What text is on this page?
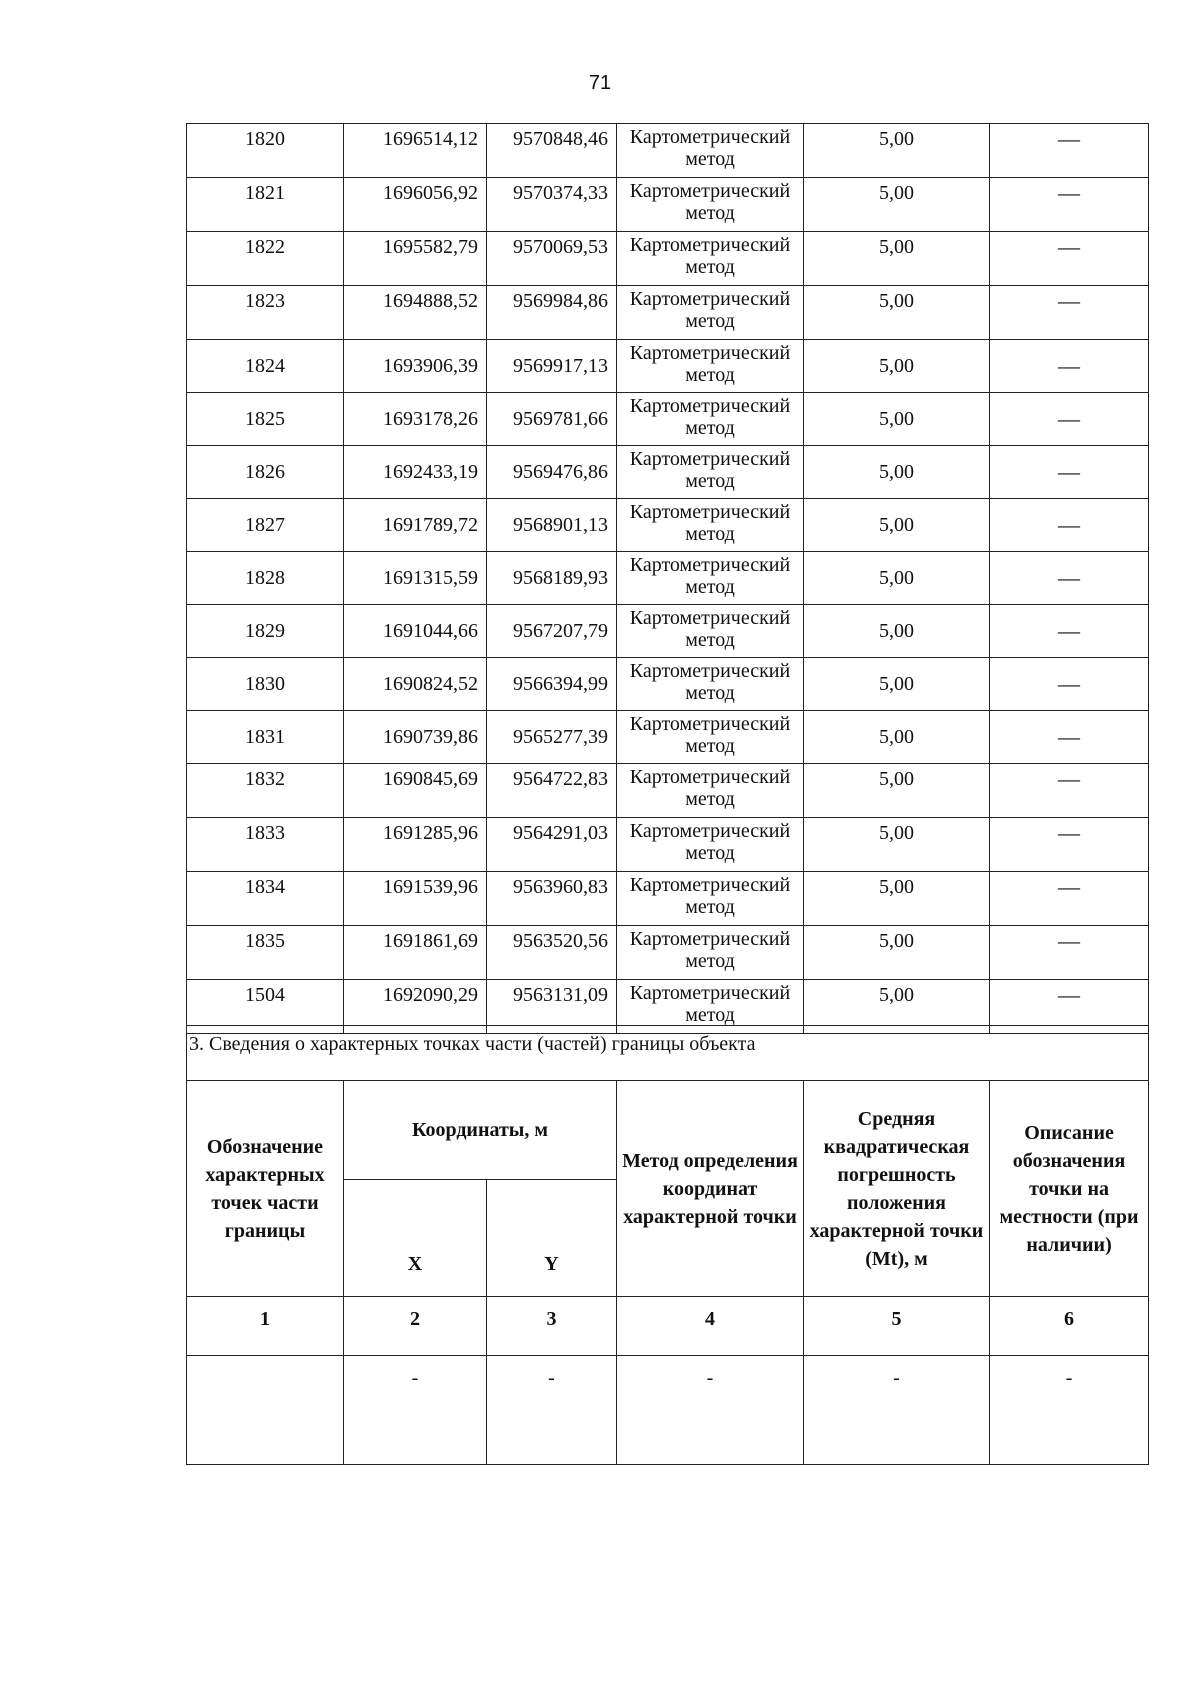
71
1820	1696514,12	9570848,46	Картометрический метод	5,00	—
1821	1696056,92	9570374,33	Картометрический метод	5,00	—
1822	1695582,79	9570069,53	Картометрический метод	5,00	—
1823	1694888,52	9569984,86	Картометрический метод	5,00	—
1824	1693906,39	9569917,13	Картометрический метод	5,00	—
1825	1693178,26	9569781,66	Картометрический метод	5,00	—
1826	1692433,19	9569476,86	Картометрический метод	5,00	—
1827	1691789,72	9568901,13	Картометрический метод	5,00	—
1828	1691315,59	9568189,93	Картометрический метод	5,00	—
1829	1691044,66	9567207,79	Картометрический метод	5,00	—
1830	1690824,52	9566394,99	Картометрический метод	5,00	—
1831	1690739,86	9565277,39	Картометрический метод	5,00	—
1832	1690845,69	9564722,83	Картометрический метод	5,00	—
1833	1691285,96	9564291,03	Картометрический метод	5,00	—
1834	1691539,96	9563960,83	Картометрический метод	5,00	—
1835	1691861,69	9563520,56	Картометрический метод	5,00	—
1504	1692090,29	9563131,09	Картометрический метод	5,00	—
3. Сведения о характерных точках части (частей) границы объекта					
Обозначение характерных точек части границы	Координаты, м		Метод определения координат характерной точки	Средняя квадратическая погрешность положения характерной точки (Mt), м	Описание обозначения точки на местности (при наличии)
	X	Y			
1	2	3	4	5	6
	-	-	-	-	-
